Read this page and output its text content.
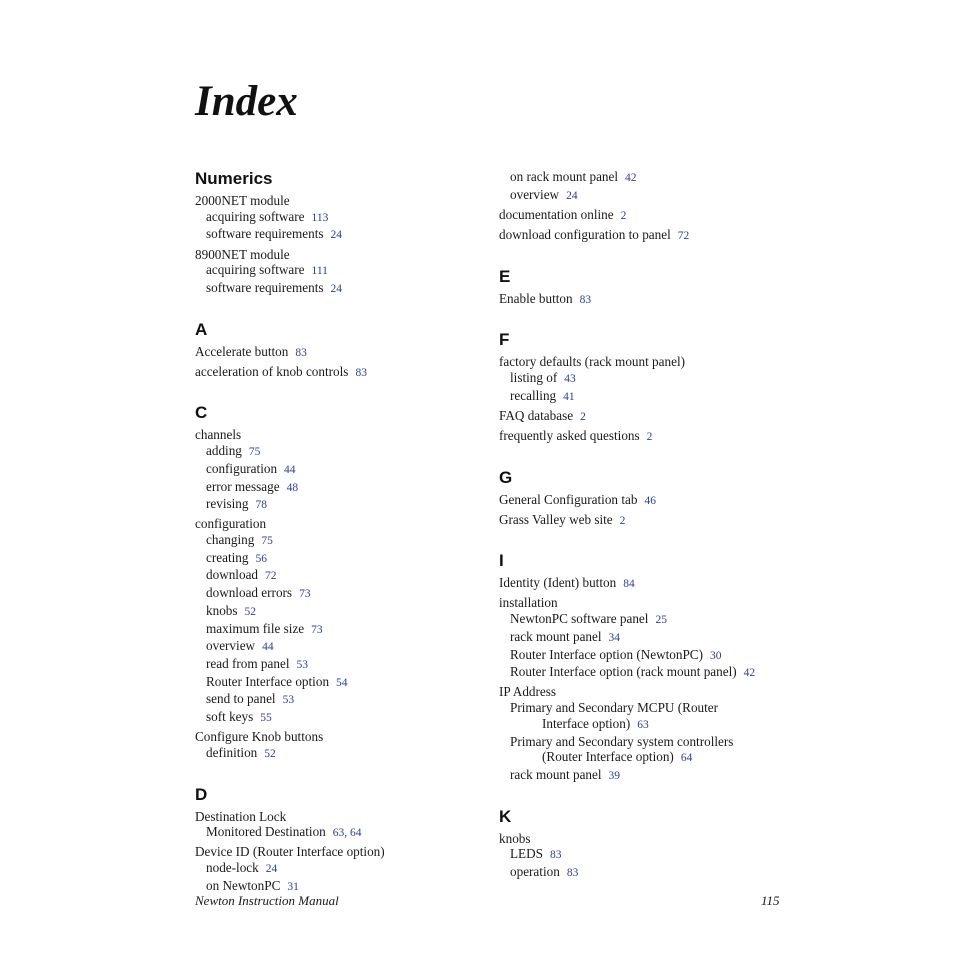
Index
Numerics
2000NET module
acquiring software 113
software requirements 24
8900NET module
acquiring software 111
software requirements 24
A
Accelerate button 83
acceleration of knob controls 83
C
channels
adding 75
configuration 44
error message 48
revising 78
configuration
changing 75
creating 56
download 72
download errors 73
knobs 52
maximum file size 73
overview 44
read from panel 53
Router Interface option 54
send to panel 53
soft keys 55
Configure Knob buttons
definition 52
D
Destination Lock
Monitored Destination 63, 64
Device ID (Router Interface option)
node-lock 24
on NewtonPC 31
on rack mount panel 42
overview 24
documentation online 2
download configuration to panel 72
E
Enable button 83
F
factory defaults (rack mount panel)
listing of 43
recalling 41
FAQ database 2
frequently asked questions 2
G
General Configuration tab 46
Grass Valley web site 2
I
Identity (Ident) button 84
installation
NewtonPC software panel 25
rack mount panel 34
Router Interface option (NewtonPC) 30
Router Interface option (rack mount panel) 42
IP Address
Primary and Secondary MCPU (Router
Interface option) 63
Primary and Secondary system controllers
(Router Interface option) 64
rack mount panel 39
K
knobs
LEDS 83
operation 83
Newton Instruction Manual	115
